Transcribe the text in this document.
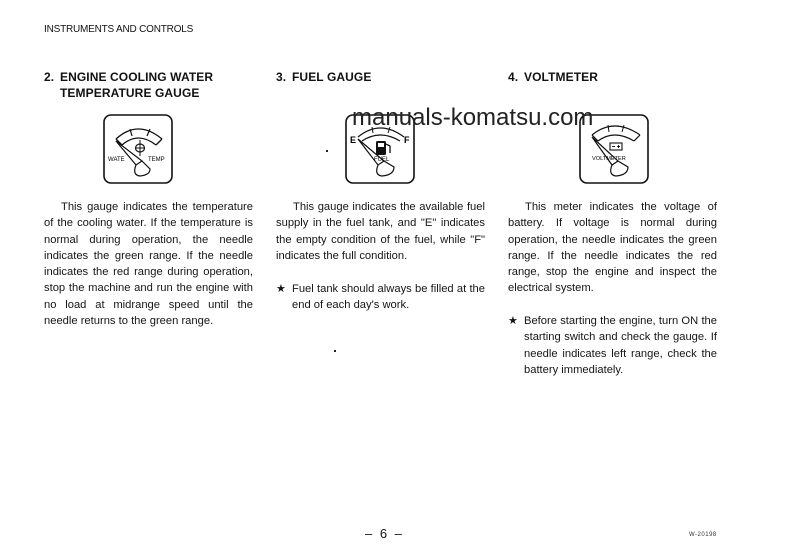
INSTRUMENTS AND CONTROLS
2. ENGINE COOLING WATER
TEMPERATURE GAUGE
WATE	TEMP

This gauge indicates the temperature of the cooling water. If the temperature is normal during operation, the needle indicates the green range. If the needle indicates the red range during operation, stop the machine and run the engine with no load at midrange speed until the needle returns to the green range.

3. FUEL GAUGE
E	F
FUEL

This gauge indicates the available fuel supply in the fuel tank, and "E" indicates the empty condition of the fuel, while "F" indicates the full condition.

★ Fuel tank should always be filled at the end of each day's work.

4. VOLTMETER
VOLTMETER

This meter indicates the voltage of battery. If voltage is normal during operation, the needle indicates the green range. If the needle indicates the red range, stop the engine and inspect the electrical system.

★ Before starting the engine, turn ON the starting switch and check the gauge. If needle indicates left range, check the battery immediately.

manuals-komatsu.com
– 6 –	W-20198
